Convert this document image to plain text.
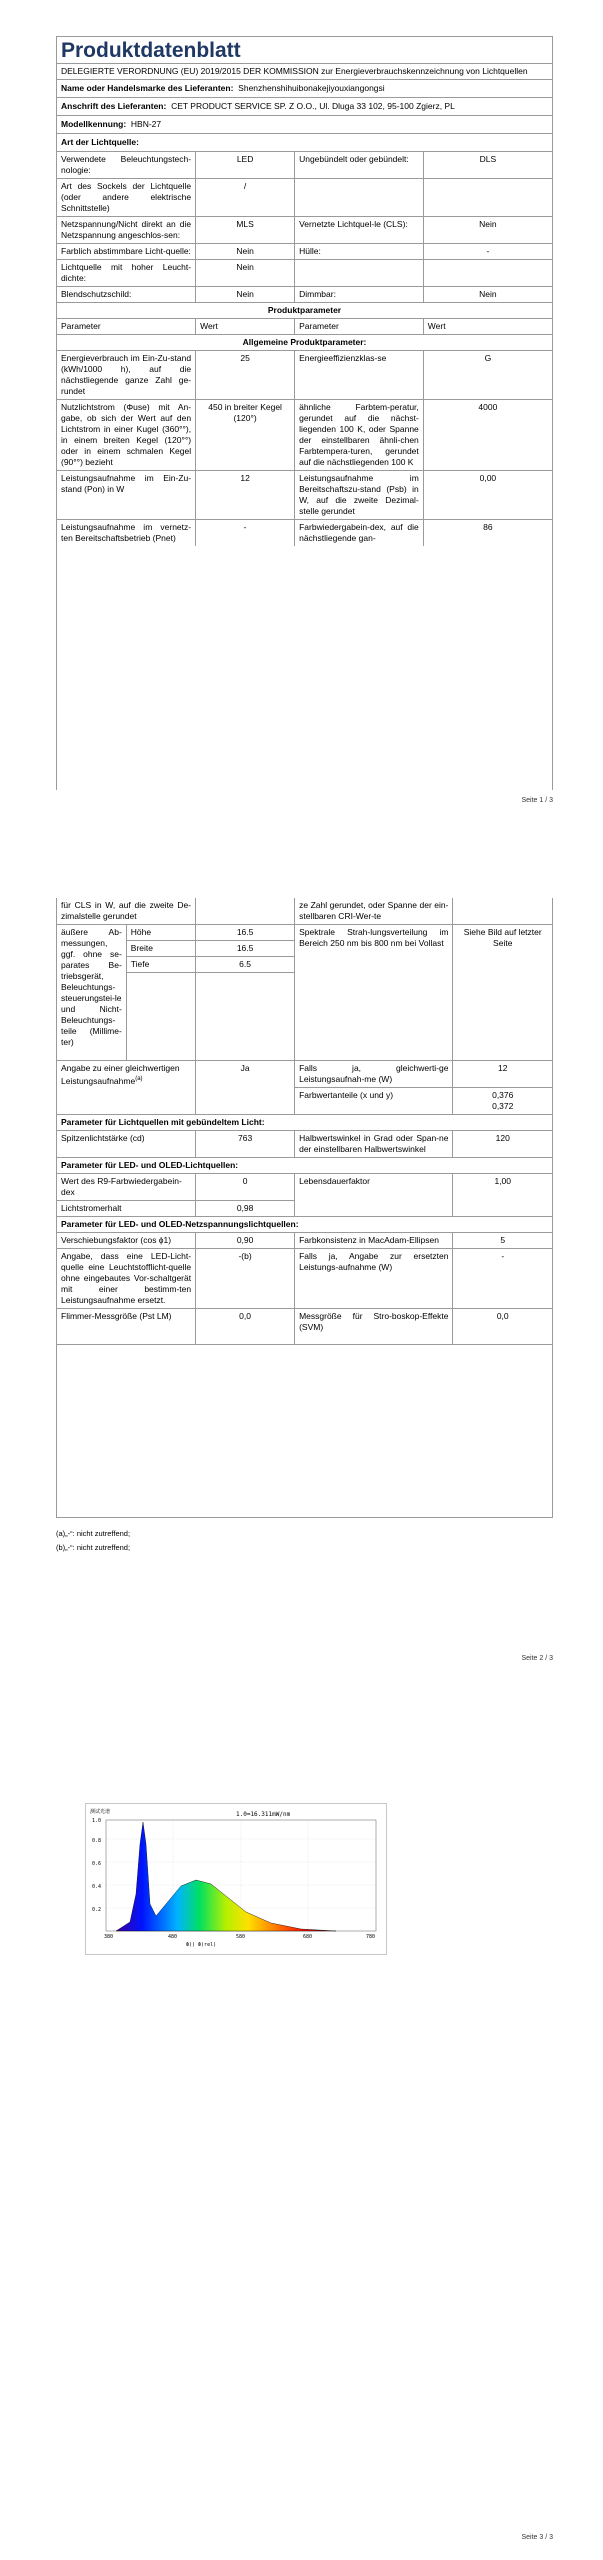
Produktdatenblatt
DELEGIERTE VERORDNUNG (EU) 2019/2015 DER KOMMISSION zur Energieverbrauchskennzeichnung von Lichtquellen
Name oder Handelsmarke des Lieferanten: Shenzhenshihuibonakejiyouxiangongsi
Anschrift des Lieferanten: CET PRODUCT SERVICE SP. Z O.O., Ul. Dluga 33 102, 95-100 Zgierz, PL
Modellkennung: HBN-27
Art der Lichtquelle:
Verwendete Beleuchtungstech-nologie:	LED	Ungebündelt oder gebündelt:	DLS
Art des Sockels der Lichtquelle (oder andere elektrische Schnittstelle)	/		
Netzspannung/Nicht direkt an die Netzspannung angeschlos-sen:	MLS	Vernetzte Lichtquel-le (CLS):	Nein
Farblich abstimmbare Licht-quelle:	Nein	Hülle:	-
Lichtquelle mit hoher Leucht-dichte:	Nein		
Blendschutzschild:	Nein	Dimmbar:	Nein
Produktparameter			
Parameter	Wert	Parameter	Wert
Allgemeine Produktparameter:			
Energieverbrauch im Ein-Zu-stand (kWh/1000 h), auf die nächstliegende ganze Zahl ge-rundet	25	Energieeffizienzklas-se	G
Nutzlichtstrom (Φuse) mit An-gabe, ob sich der Wert auf den Lichtstrom in einer Kugel (360°°), in einem breiten Kegel (120°°) oder in einem schmalen Kegel (90°°) bezieht	450 in breiter Kegel (120°)	ähnliche Farbtem-peratur, gerundet auf die nächst-liegenden 100 K, oder Spanne der einstellbaren ähnli-chen Farbtempera-turen, gerundet auf die nächstliegenden 100 K	4000
Leistungsaufnahme im Ein-Zu-stand (Pon) in W	12	Leistungsaufnahme im Bereitschaftszu-stand (Psb) in W, auf die zweite Dezimal-stelle gerundet	0,00
Leistungsaufnahme im vernetz-ten Bereitschaftsbetrieb (Pnet)	-	Farbwiedergabein-dex, auf die nächstliegende gan-	86
Seite 1 / 3
für CLS in W, auf die zweite De-zimalstelle gerundet			ze Zahl gerundet, oder Spanne der ein-stellbaren CRI-Wer-te	
äußere Ab-messungen, ggf. ohne se-parates Be-triebsgerät, Beleuchtungs-steuerungstei-le und Nicht-Beleuchtungs-teile (Millime-ter)	Höhe	16.5	Spektrale Strah-lungsverteilung im Bereich 250 nm bis 800 nm bei Vollast	Siehe Bild auf letzter Seite
	Breite	16.5		
	Tiefe	6.5		

Angabe zu einer gleichwertigen Leistungsaufnahme$^{(a)}$		Ja	Falls ja, gleichwerti-ge Leistungsaufnah-me (W)	12
			Farbwertanteile (x und y)	0,376
0,372

Parameter für Lichtquellen mit gebündeltem Licht:				
Spitzenlichtstärke (cd)		763	Halbwertswinkel in Grad oder Span-ne der einstellbaren Halbwertswinkel	120
Parameter für LED- und OLED-Lichtquellen:				
Wert des R9-Farbwiedergabein-dex		0	Lebensdauerfaktor	1,00
Lichtstromerhalt		0,98		
Parameter für LED- und OLED-Netzspannungslichtquellen:				
Verschiebungsfaktor (cos ϕ1)		0,90	Farbkonsistenz in MacAdam-Ellipsen	5
Angabe, dass eine LED-Licht-quelle eine Leuchtstofflicht-quelle ohne eingebautes Vor-schaltgerät mit einer bestimm-ten Leistungsaufnahme ersetzt.		-(b)	Falls ja, Angabe zur ersetzten Leistungs-aufnahme (W)	-
Flimmer-Messgröße (Pst LM)		0,0	Messgröße für Stro-boskop-Effekte (SVM)	0,0
(a)„-“: nicht zutreffend;
(b)„-“: nicht zutreffend;
Seite 2 / 3
Seite 3 / 3
测试光谱	1.0=16.311mW/nm
1.0
0.8
0.6
0.4
0.2
380	480	580	680	780
Ф() Ф(rel)
